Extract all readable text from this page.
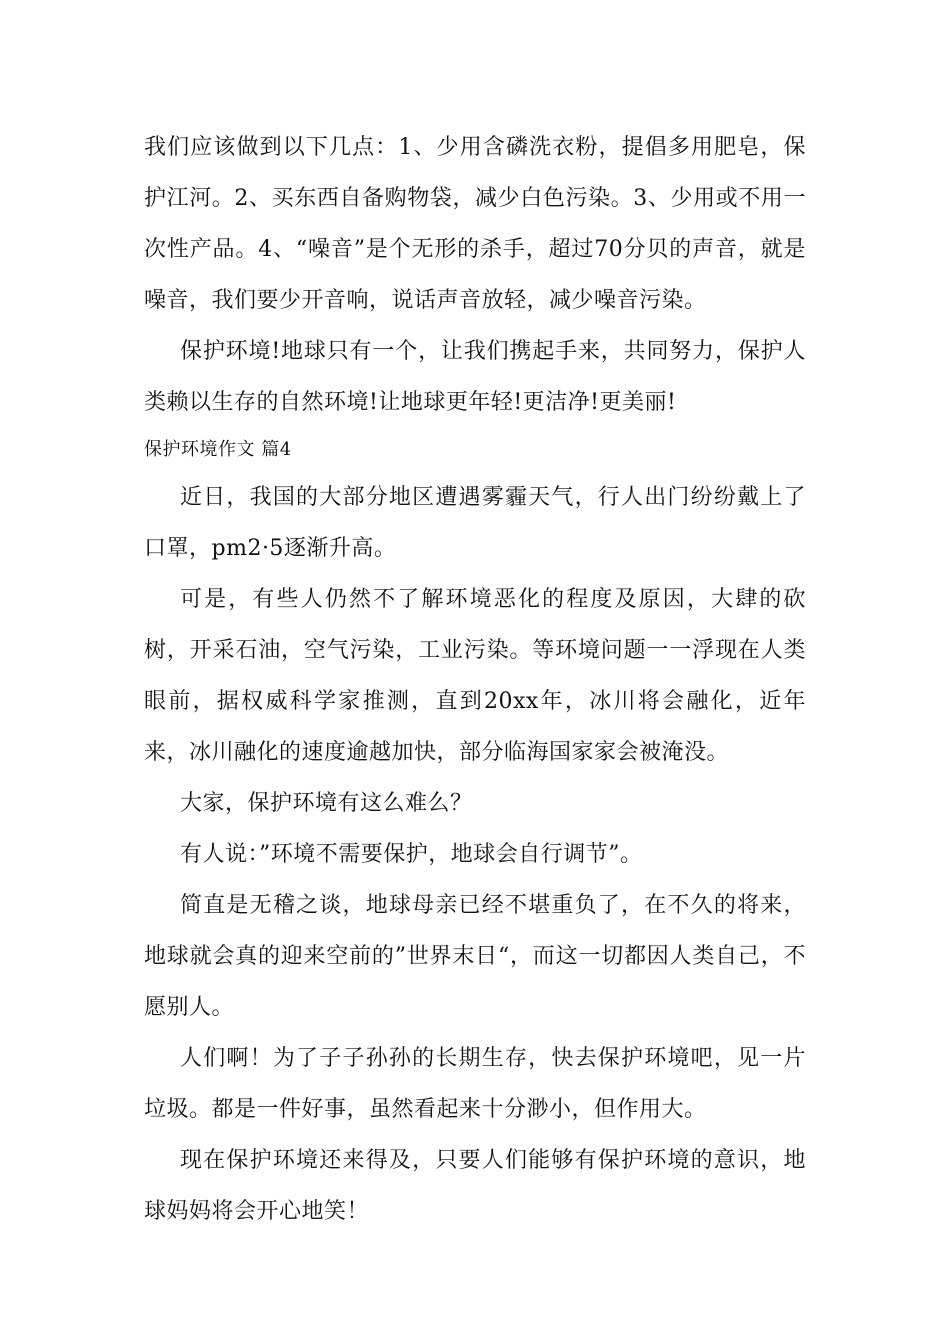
我们应该做到以下几点：1、少用含磷洗衣粉，提倡多用肥皂，保护江河。2、买东西自备购物袋，减少白色污染。3、少用或不用一次性产品。4、“噪音”是个无形的杀手，超过70分贝的声音，就是噪音，我们要少开音响，说话声音放轻，减少噪音污染。

保护环境!地球只有一个，让我们携起手来，共同努力，保护人类赖以生存的自然环境!让地球更年轻!更洁净!更美丽!

保护环境作文 篇4

近日，我国的大部分地区遭遇雾霾天气，行人出门纷纷戴上了口罩，pm2·5逐渐升高。

可是，有些人仍然不了解环境恶化的程度及原因，大肆的砍树，开采石油，空气污染，工业污染。等环境问题一一浮现在人类眼前，据权威科学家推测，直到20xx年，冰川将会融化，近年来，冰川融化的速度逾越加快，部分临海国家家会被淹没。

大家，保护环境有这么难么？

有人说：”环境不需要保护，地球会自行调节”。

简直是无稽之谈，地球母亲已经不堪重负了，在不久的将来，地球就会真的迎来空前的”世界末日“，而这一切都因人类自己，不愿别人。

人们啊！为了子子孙孙的长期生存，快去保护环境吧，见一片垃圾。都是一件好事，虽然看起来十分渺小，但作用大。

现在保护环境还来得及，只要人们能够有保护环境的意识，地球妈妈将会开心地笑！
